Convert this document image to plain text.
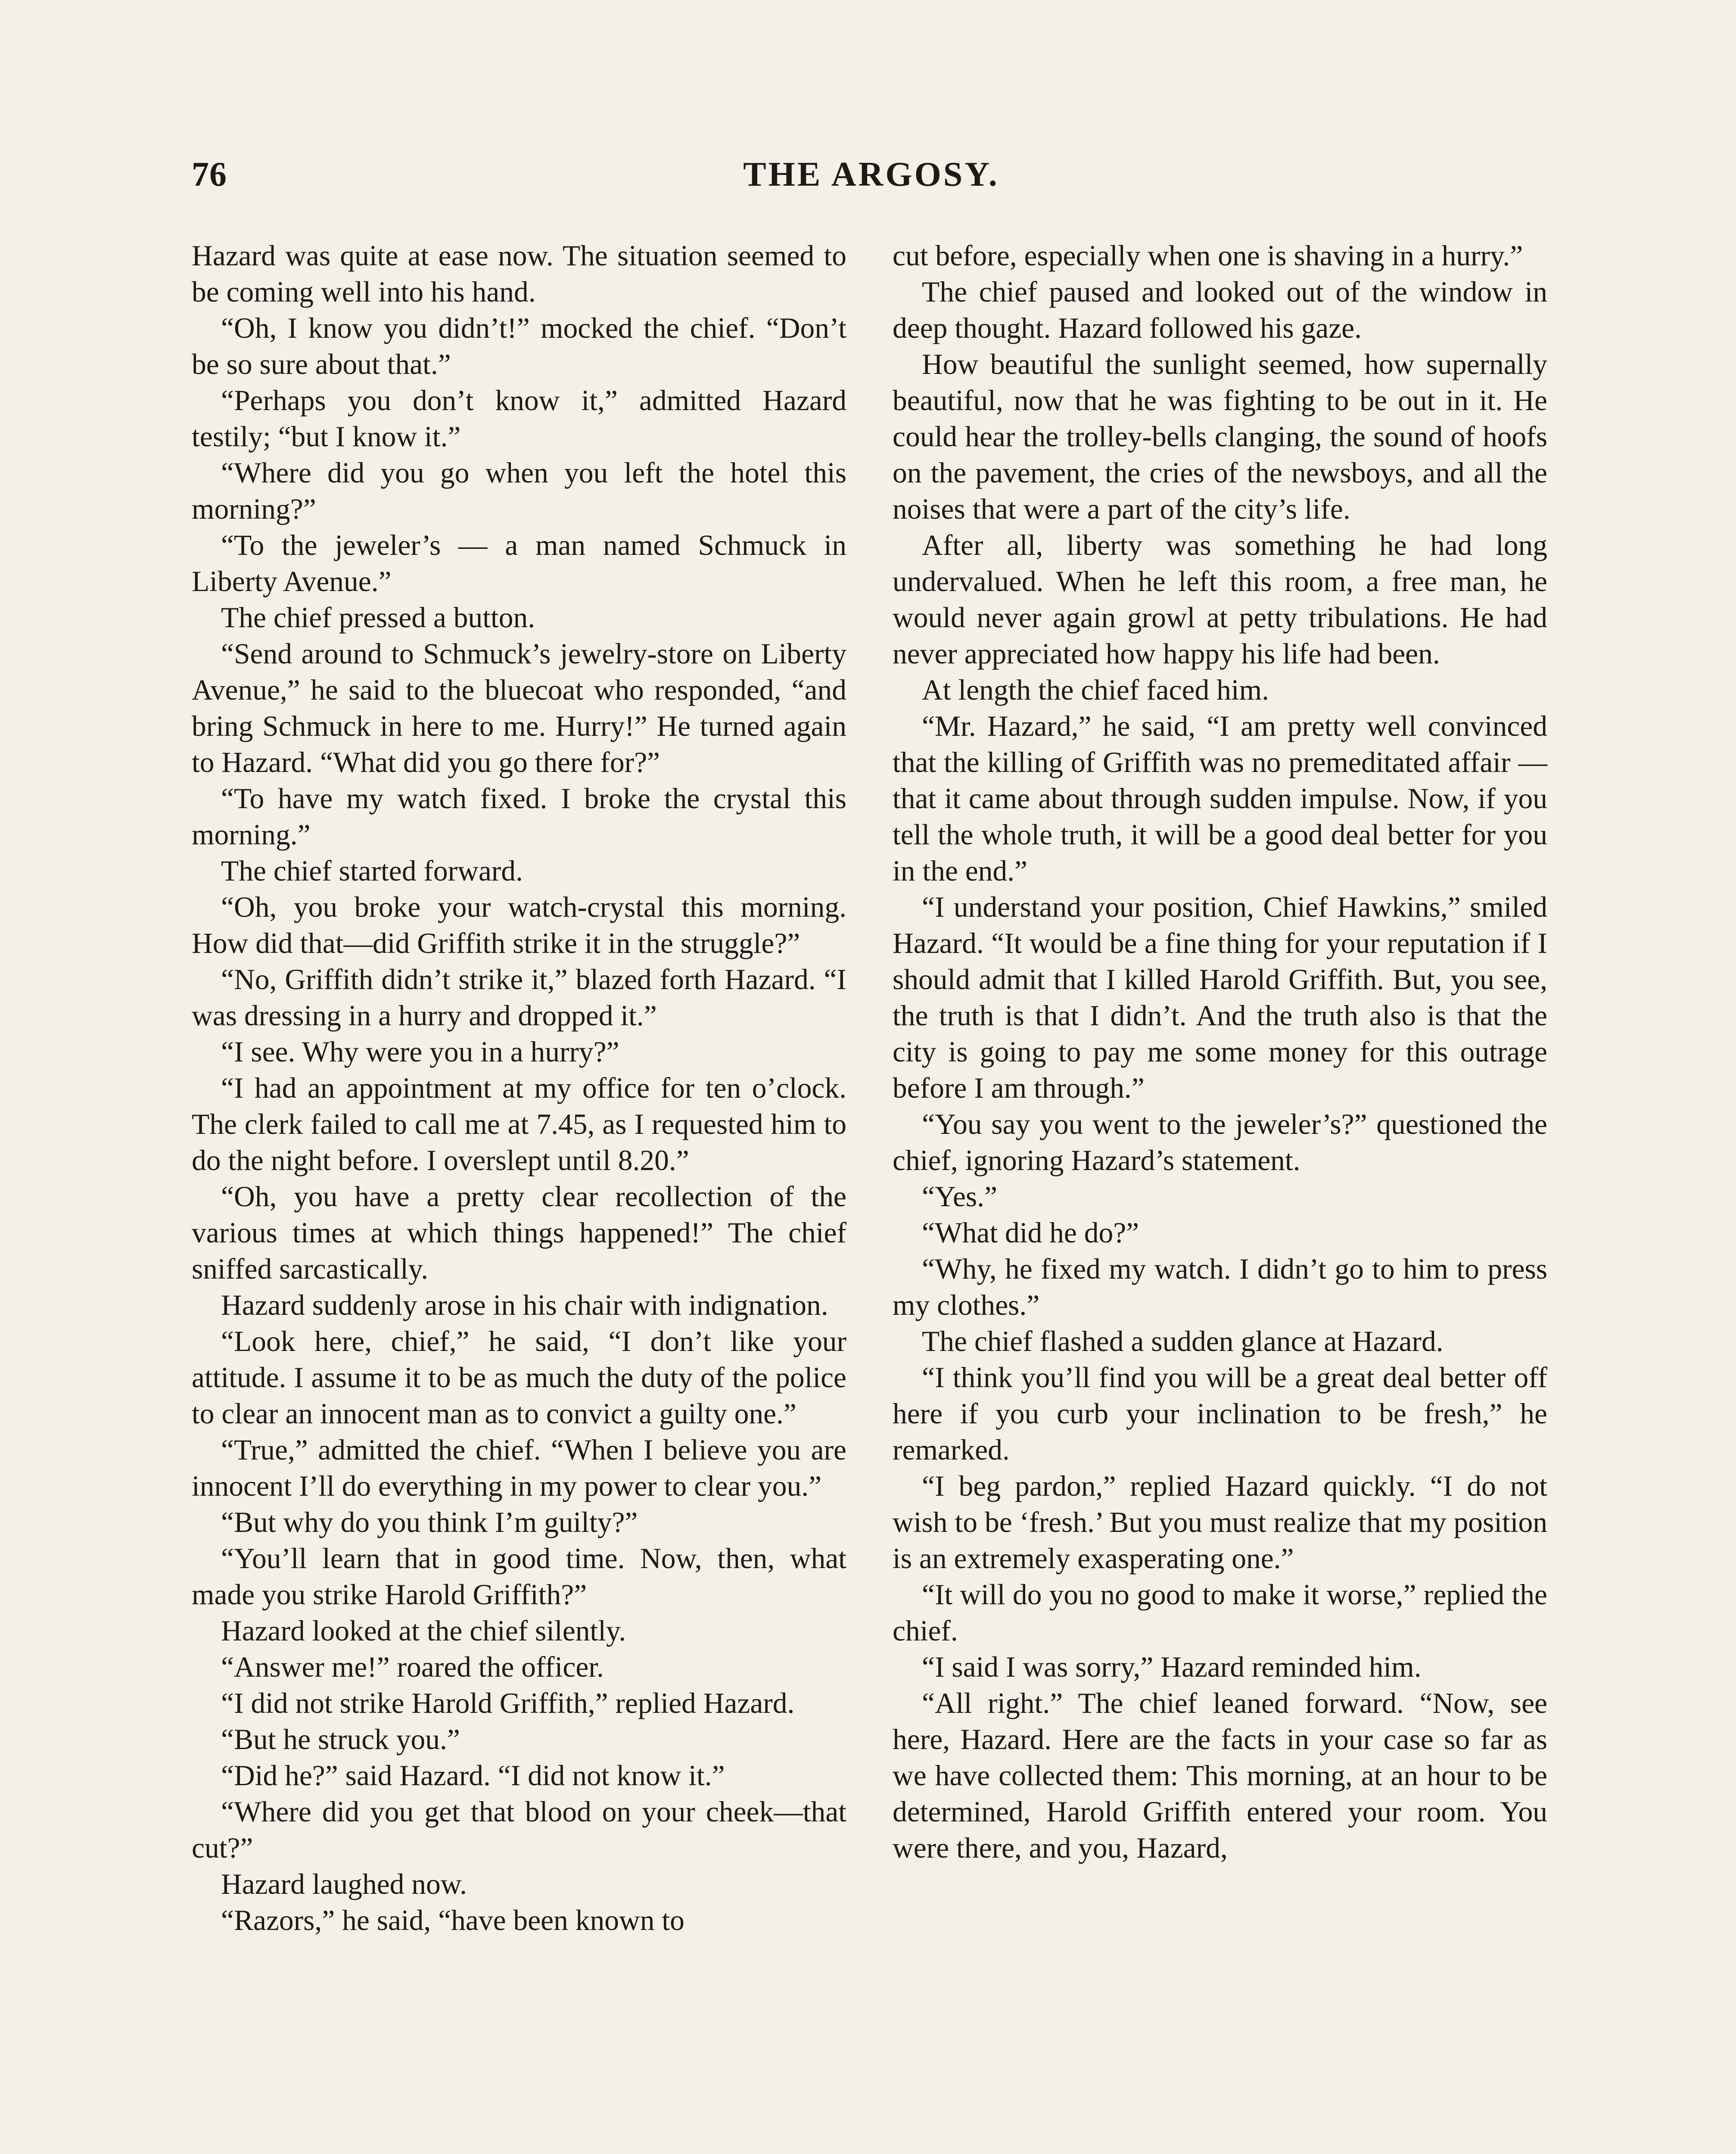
76	THE ARGOSY.

Hazard was quite at ease now. The situation seemed to be coming well into his hand.

“Oh, I know you didn’t!” mocked the chief. “Don’t be so sure about that.”

“Perhaps you don’t know it,” admitted Hazard testily; “but I know it.”

“Where did you go when you left the hotel this morning?”

“To the jeweler’s — a man named Schmuck in Liberty Avenue.”

The chief pressed a button.

“Send around to Schmuck’s jewelry-store on Liberty Avenue,” he said to the bluecoat who responded, “and bring Schmuck in here to me. Hurry!” He turned again to Hazard. “What did you go there for?”

“To have my watch fixed. I broke the crystal this morning.”

The chief started forward.

“Oh, you broke your watch-crystal this morning. How did that—did Griffith strike it in the struggle?”

“No, Griffith didn’t strike it,” blazed forth Hazard. “I was dressing in a hurry and dropped it.”

“I see. Why were you in a hurry?”

“I had an appointment at my office for ten o’clock. The clerk failed to call me at 7.45, as I requested him to do the night before. I overslept until 8.20.”

“Oh, you have a pretty clear recollection of the various times at which things happened!” The chief sniffed sarcastically.

Hazard suddenly arose in his chair with indignation.

“Look here, chief,” he said, “I don’t like your attitude. I assume it to be as much the duty of the police to clear an innocent man as to convict a guilty one.”

“True,” admitted the chief. “When I believe you are innocent I’ll do everything in my power to clear you.”

“But why do you think I’m guilty?”

“You’ll learn that in good time. Now, then, what made you strike Harold Griffith?”

Hazard looked at the chief silently.

“Answer me!” roared the officer.

“I did not strike Harold Griffith,” replied Hazard.

“But he struck you.”

“Did he?” said Hazard. “I did not know it.”

“Where did you get that blood on your cheek—that cut?”

Hazard laughed now.

“Razors,” he said, “have been known to

cut before, especially when one is shaving in a hurry.”

The chief paused and looked out of the window in deep thought. Hazard followed his gaze.

How beautiful the sunlight seemed, how supernally beautiful, now that he was fighting to be out in it. He could hear the trolley-bells clanging, the sound of hoofs on the pavement, the cries of the newsboys, and all the noises that were a part of the city’s life.

After all, liberty was something he had long undervalued. When he left this room, a free man, he would never again growl at petty tribulations. He had never appreciated how happy his life had been.

At length the chief faced him.

“Mr. Hazard,” he said, “I am pretty well convinced that the killing of Griffith was no premeditated affair — that it came about through sudden impulse. Now, if you tell the whole truth, it will be a good deal better for you in the end.”

“I understand your position, Chief Hawkins,” smiled Hazard. “It would be a fine thing for your reputation if I should admit that I killed Harold Griffith. But, you see, the truth is that I didn’t. And the truth also is that the city is going to pay me some money for this outrage before I am through.”

“You say you went to the jeweler’s?” questioned the chief, ignoring Hazard’s statement.

“Yes.”

“What did he do?”

“Why, he fixed my watch. I didn’t go to him to press my clothes.”

The chief flashed a sudden glance at Hazard.

“I think you’ll find you will be a great deal better off here if you curb your inclination to be fresh,” he remarked.

“I beg pardon,” replied Hazard quickly. “I do not wish to be ‘fresh.’ But you must realize that my position is an extremely exasperating one.”

“It will do you no good to make it worse,” replied the chief.

“I said I was sorry,” Hazard reminded him.

“All right.” The chief leaned forward. “Now, see here, Hazard. Here are the facts in your case so far as we have collected them: This morning, at an hour to be determined, Harold Griffith entered your room. You were there, and you, Hazard,
